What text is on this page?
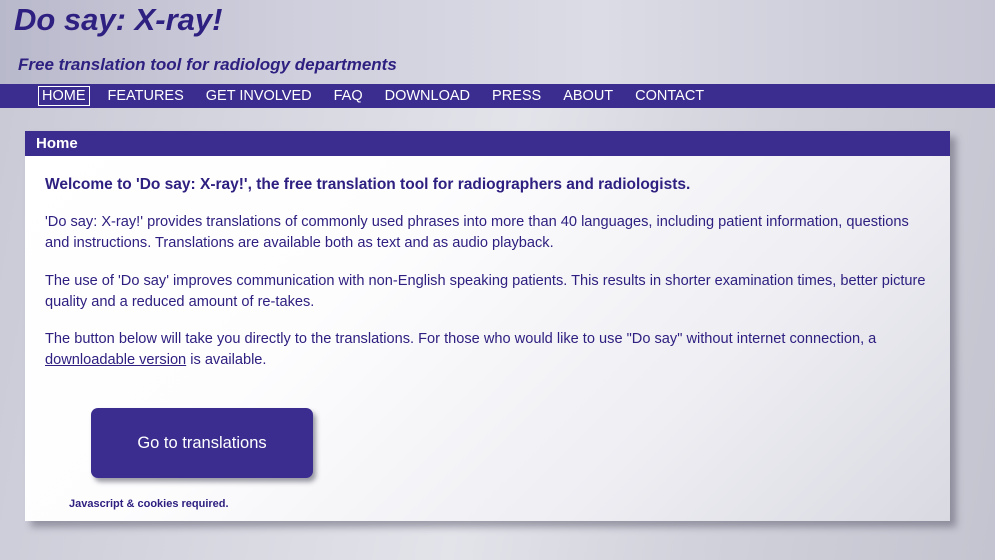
Do say: X-ray!
Free translation tool for radiology departments
HOME FEATURES GET INVOLVED FAQ DOWNLOAD PRESS ABOUT CONTACT
Home
Welcome to 'Do say: X-ray!', the free translation tool for radiographers and radiologists.

'Do say: X-ray!' provides translations of commonly used phrases into more than 40 languages, including patient information, questions and instructions. Translations are available both as text and as audio playback.

The use of 'Do say' improves communication with non-English speaking patients. This results in shorter examination times, better picture quality and a reduced amount of re-takes.

The button below will take you directly to the translations. For those who would like to use "Do say" without internet connection, a downloadable version is available.

Go to translations
Javascript & cookies required.
